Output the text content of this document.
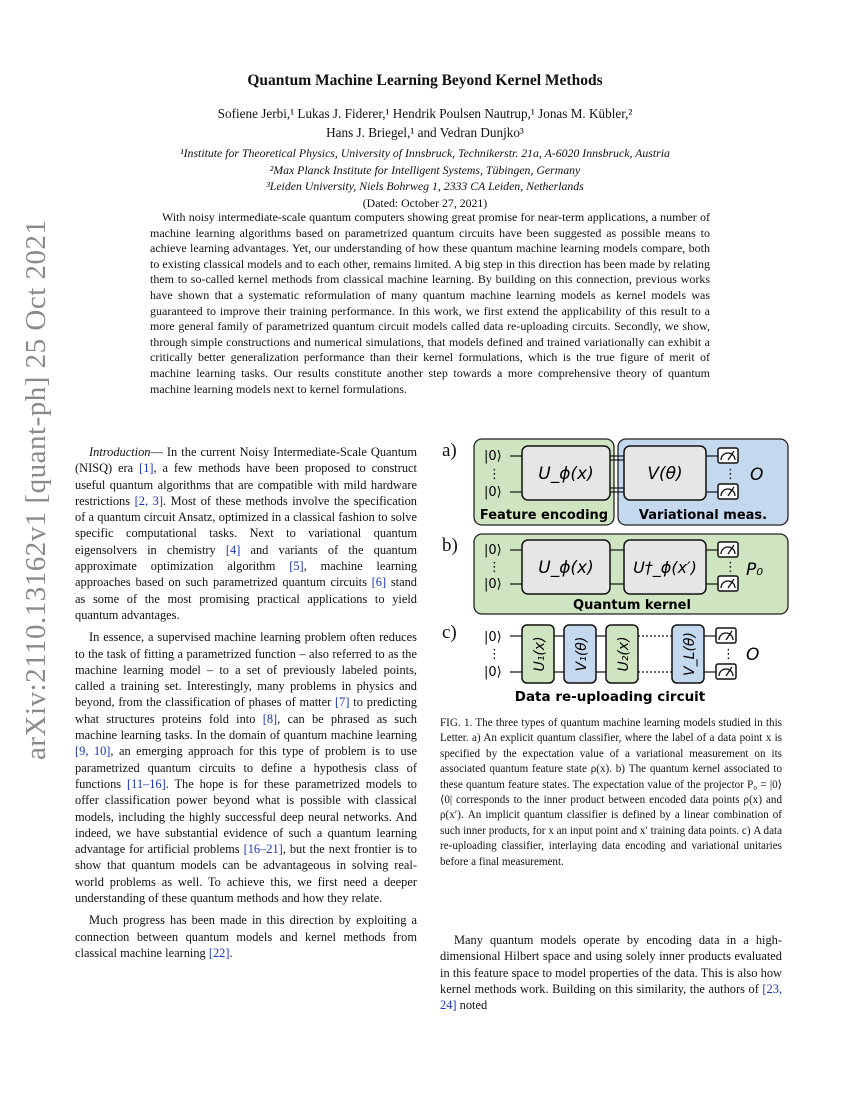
arXiv:2110.13162v1 [quant-ph] 25 Oct 2021
Quantum Machine Learning Beyond Kernel Methods
Sofiene Jerbi,¹ Lukas J. Fiderer,¹ Hendrik Poulsen Nautrup,¹ Jonas M. Kübler,²
Hans J. Briegel,¹ and Vedran Dunjko³
¹Institute for Theoretical Physics, University of Innsbruck, Technikerstr. 21a, A-6020 Innsbruck, Austria
²Max Planck Institute for Intelligent Systems, Tübingen, Germany
³Leiden University, Niels Bohrweg 1, 2333 CA Leiden, Netherlands
(Dated: October 27, 2021)

With noisy intermediate-scale quantum computers showing great promise for near-term applications, a number of machine learning algorithms based on parametrized quantum circuits have been suggested as possible means to achieve learning advantages. Yet, our understanding of how these quantum machine learning models compare, both to existing classical models and to each other, remains limited. A big step in this direction has been made by relating them to so-called kernel methods from classical machine learning. By building on this connection, previous works have shown that a systematic reformulation of many quantum machine learning models as kernel models was guaranteed to improve their training performance. In this work, we first extend the applicability of this result to a more general family of parametrized quantum circuit models called data re-uploading circuits. Secondly, we show, through simple constructions and numerical simulations, that models defined and trained variationally can exhibit a critically better generalization performance than their kernel formulations, which is the true figure of merit of machine learning tasks. Our results constitute another step towards a more comprehensive theory of quantum machine learning models next to kernel formulations.

Introduction— In the current Noisy Intermediate-Scale Quantum (NISQ) era [1], a few methods have been proposed to construct useful quantum algorithms that are compatible with mild hardware restrictions [2, 3]. Most of these methods involve the specification of a quantum circuit Ansatz, optimized in a classical fashion to solve specific computational tasks. Next to variational quantum eigensolvers in chemistry [4] and variants of the quantum approximate optimization algorithm [5], machine learning approaches based on such parametrized quantum circuits [6] stand as some of the most promising practical applications to yield quantum advantages.

In essence, a supervised machine learning problem often reduces to the task of fitting a parametrized function – also referred to as the machine learning model – to a set of previously labeled points, called a training set. Interestingly, many problems in physics and beyond, from the classification of phases of matter [7] to predicting what structures proteins fold into [8], can be phrased as such machine learning tasks. In the domain of quantum machine learning [9, 10], an emerging approach for this type of problem is to use parametrized quantum circuits to define a hypothesis class of functions [11–16]. The hope is for these parametrized models to offer classification power beyond what is possible with classical models, including the highly successful deep neural networks. And indeed, we have substantial evidence of such a quantum learning advantage for artificial problems [16–21], but the next frontier is to show that quantum models can be advantageous in solving real-world problems as well. To achieve this, we first need a deeper understanding of these quantum methods and how they relate.

Much progress has been made in this direction by exploiting a connection between quantum models and kernel methods from classical machine learning [22].

a)
b)
c)
|0⟩
⋮
|0⟩
U_ϕ(x)	V(θ)	⋮ O
Feature encoding Variational meas.
|0⟩
⋮
|0⟩
U_ϕ(x) U†_ϕ(x′) ⋮ P₀
Quantum kernel
|0⟩
⋮
|0⟩
U₁(x) V₁(θ) U₂(x)	V_L(θ) ⋮ O
Data re-uploading circuit

FIG. 1. The three types of quantum machine learning models studied in this Letter. a) An explicit quantum classifier, where the label of a data point x is specified by the expectation value of a variational measurement on its associated quantum feature state ρ(x). b) The quantum kernel associated to these quantum feature states. The expectation value of the projector P₀ = |0⟩⟨0| corresponds to the inner product between encoded data points ρ(x) and ρ(x′). An implicit quantum classifier is defined by a linear combination of such inner products, for x an input point and x′ training data points. c) A data re-uploading classifier, interlaying data encoding and variational unitaries before a final measurement.

Many quantum models operate by encoding data in a high-dimensional Hilbert space and using solely inner products evaluated in this feature space to model properties of the data. This is also how kernel methods work. Building on this similarity, the authors of [23, 24] noted
